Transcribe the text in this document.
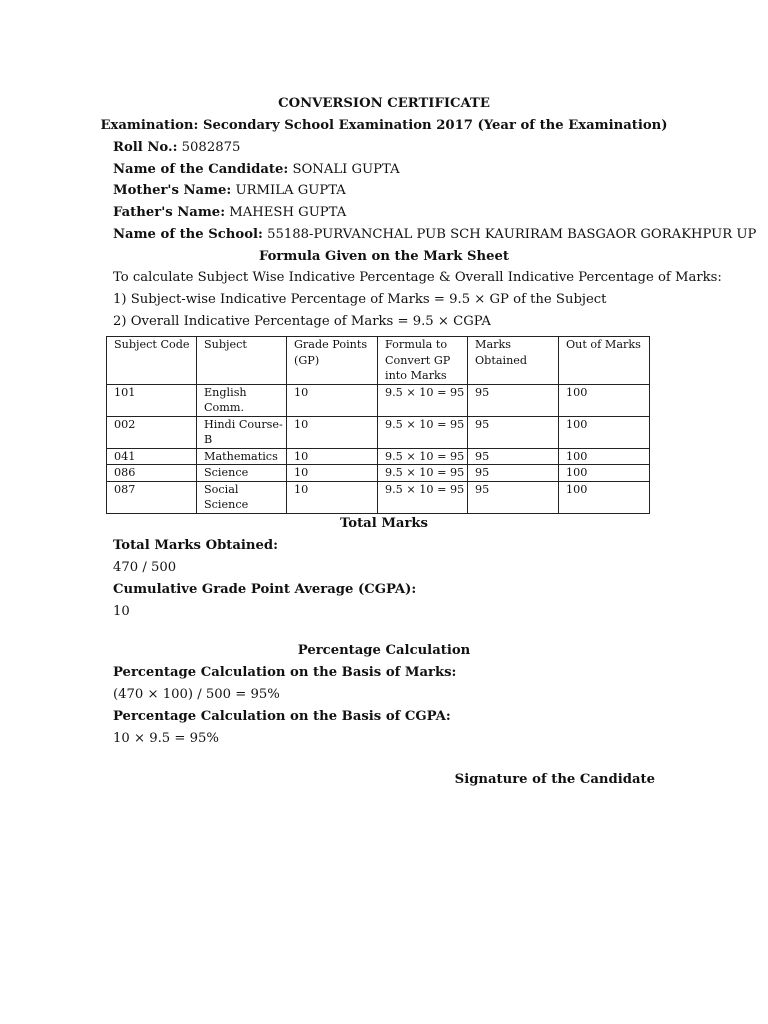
CONVERSION CERTIFICATE
Examination: Secondary School Examination 2017 (Year of the Examination)
Roll No.: 5082875
Name of the Candidate: SONALI GUPTA
Mother's Name: URMILA GUPTA
Father's Name: MAHESH GUPTA
Name of the School: 55188-PURVANCHAL PUB SCH KAURIRAM BASGAOR GORAKHPUR UP
Formula Given on the Mark Sheet
To calculate Subject Wise Indicative Percentage & Overall Indicative Percentage of Marks:
1) Subject-wise Indicative Percentage of Marks = 9.5 × GP of the Subject
2) Overall Indicative Percentage of Marks = 9.5 × CGPA
Subject Code	Subject	Grade Points (GP)	Formula to Convert GP into Marks	Marks Obtained	Out of Marks
101	English Comm.	10	9.5 × 10 = 95	95	100
002	Hindi Course-B	10	9.5 × 10 = 95	95	100
041	Mathematics	10	9.5 × 10 = 95	95	100
086	Science	10	9.5 × 10 = 95	95	100
087	Social Science	10	9.5 × 10 = 95	95	100
Total Marks
Total Marks Obtained:
470 / 500
Cumulative Grade Point Average (CGPA):
10
Percentage Calculation
Percentage Calculation on the Basis of Marks:
(470 × 100) / 500 = 95%
Percentage Calculation on the Basis of CGPA:
10 × 9.5 = 95%
Signature of the Candidate
